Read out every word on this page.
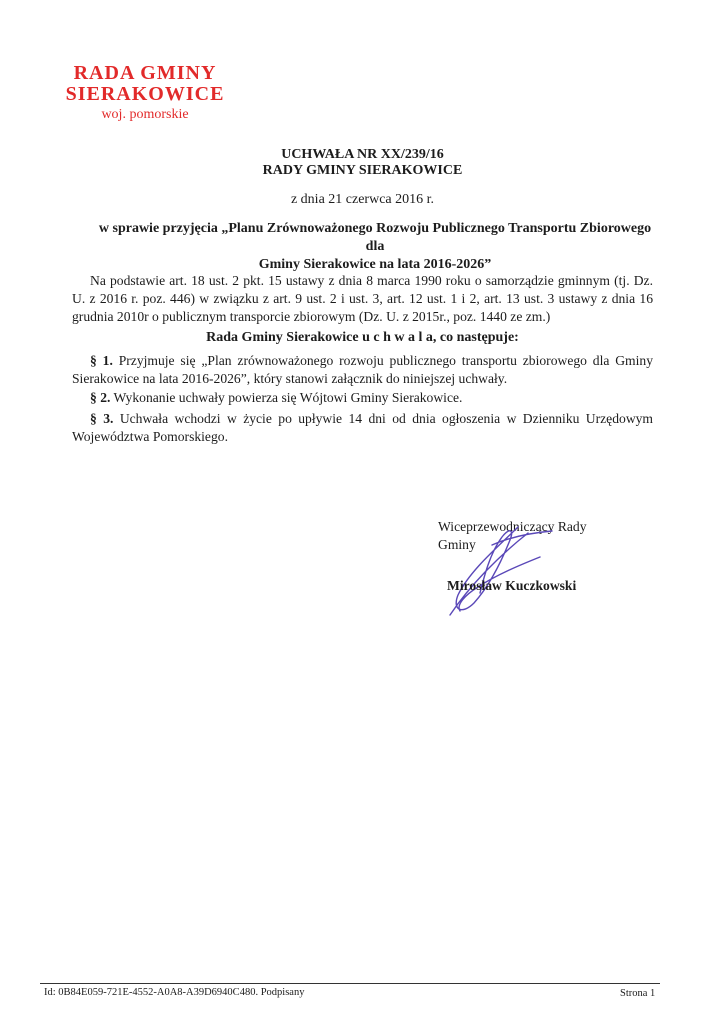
RADA GMINY
SIERAKOWICE
woj. pomorskie
UCHWAŁA NR XX/239/16
RADY GMINY SIERAKOWICE
z dnia 21 czerwca 2016 r.
w sprawie przyjęcia „Planu Zrównoważonego Rozwoju Publicznego Transportu Zbiorowego dla
Gminy Sierakowice na lata 2016-2026”
Na podstawie art. 18 ust. 2 pkt. 15 ustawy z dnia 8 marca 1990 roku o samorządzie gminnym (tj. Dz. U. z 2016 r. poz. 446) w związku z art. 9 ust. 2 i ust. 3, art. 12 ust. 1 i 2, art. 13 ust. 3 ustawy z dnia 16 grudnia 2010r o publicznym transporcie zbiorowym (Dz. U. z 2015r., poz. 1440 ze zm.)
Rada Gminy Sierakowice u c h w a l a, co następuje:
§ 1. Przyjmuje się „Plan zrównoważonego rozwoju publicznego transportu zbiorowego dla Gminy Sierakowice na lata 2016-2026”, który stanowi załącznik do niniejszej uchwały.
§ 2. Wykonanie uchwały powierza się Wójtowi Gminy Sierakowice.
§ 3. Uchwała wchodzi w życie po upływie 14 dni od dnia ogłoszenia w Dzienniku Urzędowym Województwa Pomorskiego.
Wiceprzewodniczący Rady Gminy
Mirosław Kuczkowski
Id: 0B84E059-721E-4552-A0A8-A39D6940C480. Podpisany	Strona 1
